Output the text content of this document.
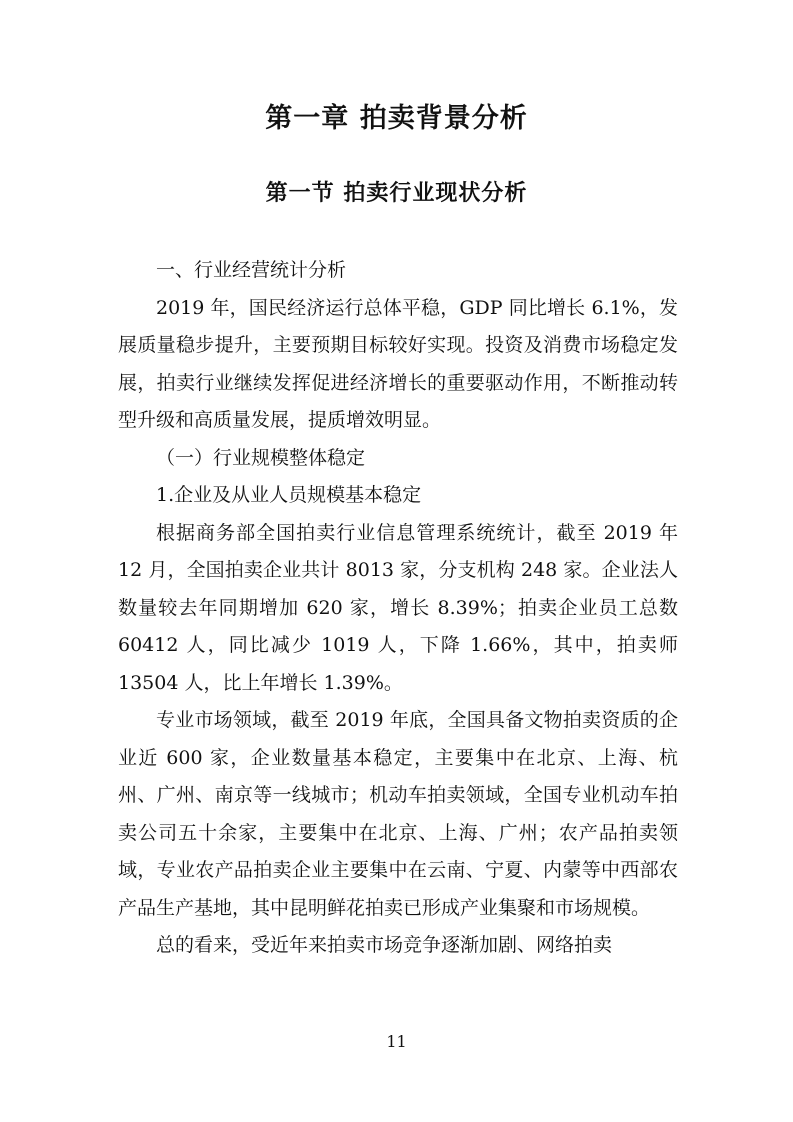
第一章 拍卖背景分析
第一节 拍卖行业现状分析

一、行业经营统计分析

2019 年，国民经济运行总体平稳，GDP 同比增长 6.1%，发展质量稳步提升，主要预期目标较好实现。投资及消费市场稳定发展，拍卖行业继续发挥促进经济增长的重要驱动作用，不断推动转型升级和高质量发展，提质增效明显。

（一）行业规模整体稳定

1.企业及从业人员规模基本稳定

根据商务部全国拍卖行业信息管理系统统计，截至 2019 年 12 月，全国拍卖企业共计 8013 家，分支机构 248 家。企业法人数量较去年同期增加 620 家，增长 8.39%；拍卖企业员工总数 60412 人，同比减少 1019 人，下降 1.66%，其中，拍卖师 13504 人，比上年增长 1.39%。

专业市场领域，截至 2019 年底，全国具备文物拍卖资质的企业近 600 家，企业数量基本稳定，主要集中在北京、上海、杭州、广州、南京等一线城市；机动车拍卖领域，全国专业机动车拍卖公司五十余家，主要集中在北京、上海、广州；农产品拍卖领域，专业农产品拍卖企业主要集中在云南、宁夏、内蒙等中西部农产品生产基地，其中昆明鲜花拍卖已形成产业集聚和市场规模。

总的看来，受近年来拍卖市场竞争逐渐加剧、网络拍卖

11
